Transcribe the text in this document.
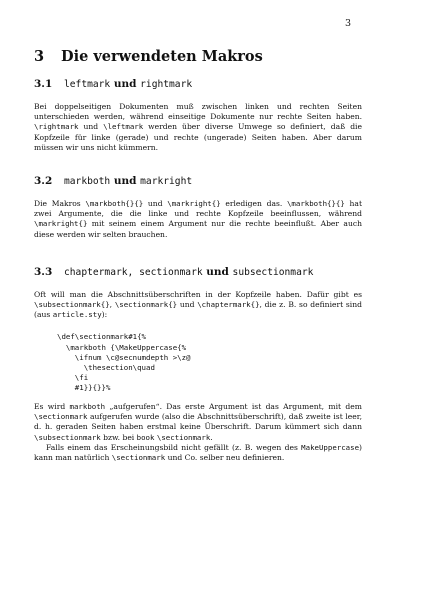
3
3	Die verwendeten Makros
3.1	leftmark und rightmark

Bei doppelseitigen Dokumenten muß zwischen linken und rechten Seiten unterschieden werden, während einseitige Dokumente nur rechte Seiten haben. \rightmark und \leftmark werden über diverse Umwege so definiert, daß die Kopfzeile für linke (gerade) und rechte (ungerade) Seiten haben. Aber darum müssen wir uns nicht kümmern.

3.2	markboth und markright

Die Makros \markboth{}{} und \markright{} erledigen das. \markboth{}{} hat zwei Argumente, die die linke und rechte Kopfzeile beeinflussen, während \markright{} mit seinem einem Argument nur die rechte beeinflußt. Aber auch diese werden wir selten brauchen.

3.3	chaptermark, sectionmark und subsectionmark

Oft will man die Abschnittsüberschriften in der Kopfzeile haben. Dafür gibt es \subsectionmark{}, \sectionmark{} und \chaptermark{}, die z. B. so definiert sind (aus article.sty):

\def\sectionmark#1{%
\markboth {\MakeUppercase{%
\ifnum \c@secnumdepth >\z@
\thesection\quad
\fi
#1}}{}}%

Es wird markboth „aufgerufen“. Das erste Argument ist das Argument, mit dem \sectionmark aufgerufen wurde (also die Abschnittsüberschrift), daß zweite ist leer, d. h. geraden Seiten haben erstmal keine Überschrift. Darum kümmert sich dann \subsectionmark bzw. bei book \sectionmark.

Falls einem das Erscheinungsbild nicht gefällt (z. B. wegen des MakeUppercase) kann man natürlich \sectionmark und Co. selber neu definieren.
